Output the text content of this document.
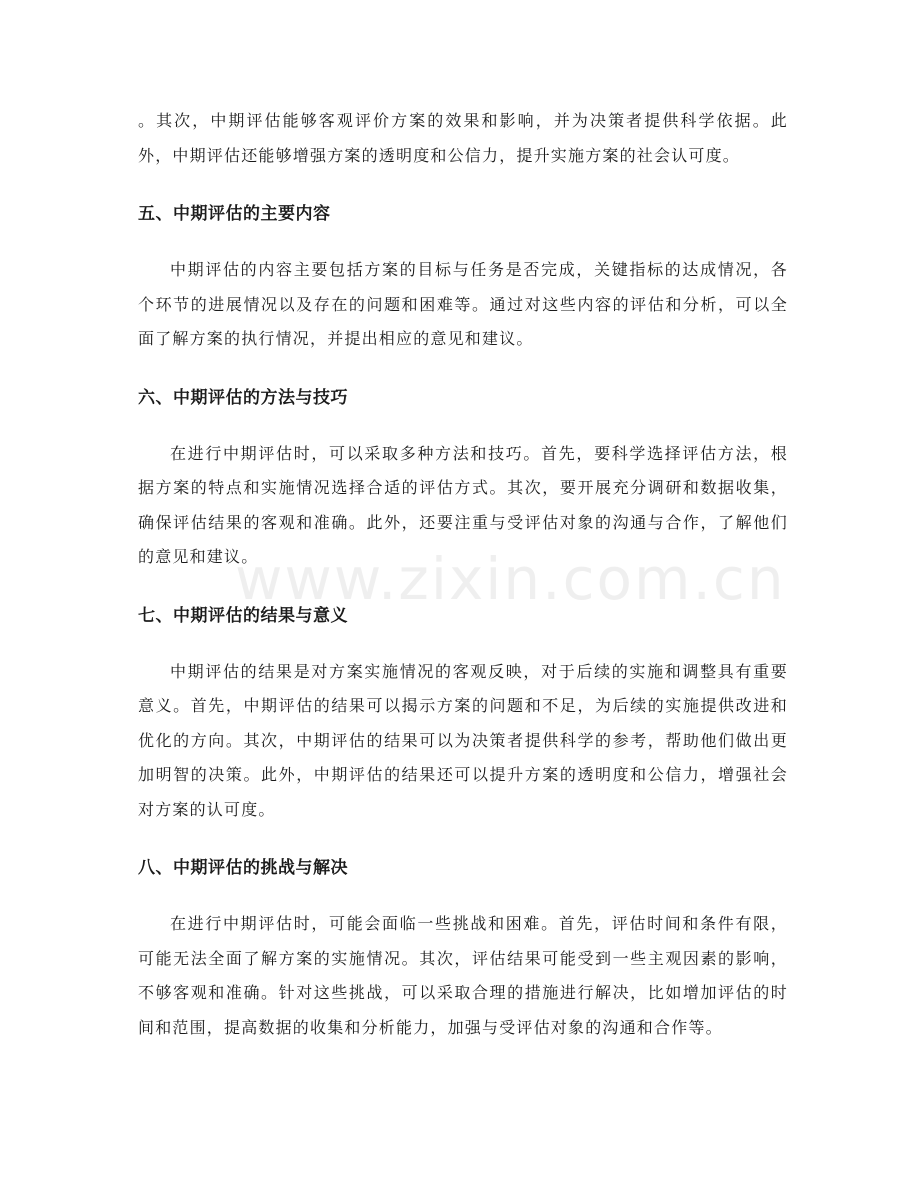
www.zixin.com.cn

。其次，中期评估能够客观评价方案的效果和影响，并为决策者提供科学依据。此外，中期评估还能够增强方案的透明度和公信力，提升实施方案的社会认可度。

五、中期评估的主要内容

中期评估的内容主要包括方案的目标与任务是否完成，关键指标的达成情况，各个环节的进展情况以及存在的问题和困难等。通过对这些内容的评估和分析，可以全面了解方案的执行情况，并提出相应的意见和建议。

六、中期评估的方法与技巧

在进行中期评估时，可以采取多种方法和技巧。首先，要科学选择评估方法，根据方案的特点和实施情况选择合适的评估方式。其次，要开展充分调研和数据收集，确保评估结果的客观和准确。此外，还要注重与受评估对象的沟通与合作，了解他们的意见和建议。

七、中期评估的结果与意义

中期评估的结果是对方案实施情况的客观反映，对于后续的实施和调整具有重要意义。首先，中期评估的结果可以揭示方案的问题和不足，为后续的实施提供改进和优化的方向。其次，中期评估的结果可以为决策者提供科学的参考，帮助他们做出更加明智的决策。此外，中期评估的结果还可以提升方案的透明度和公信力，增强社会对方案的认可度。

八、中期评估的挑战与解决

在进行中期评估时，可能会面临一些挑战和困难。首先，评估时间和条件有限，可能无法全面了解方案的实施情况。其次，评估结果可能受到一些主观因素的影响，不够客观和准确。针对这些挑战，可以采取合理的措施进行解决，比如增加评估的时间和范围，提高数据的收集和分析能力，加强与受评估对象的沟通和合作等。
